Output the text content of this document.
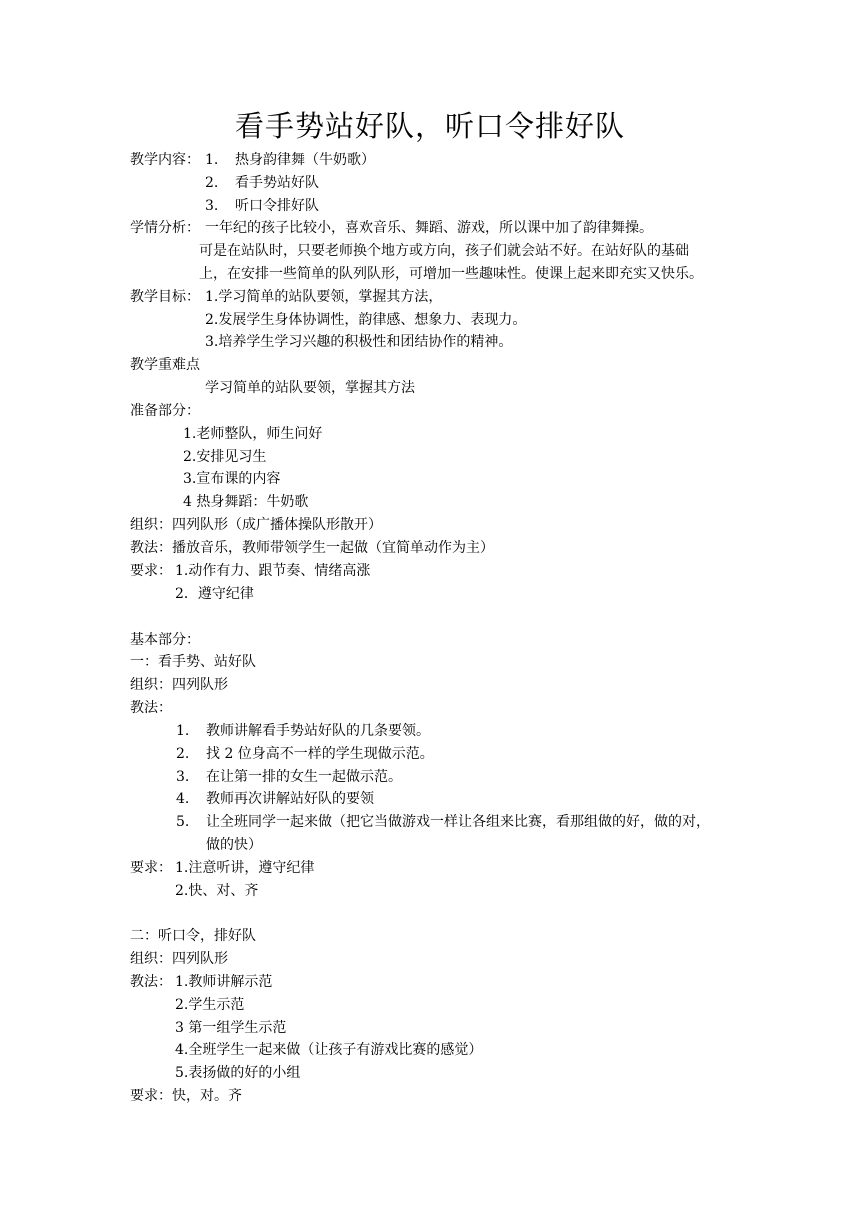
看手势站好队，听口令排好队
教学内容： 1. 热身韵律舞（牛奶歌）
2. 看手势站好队
3. 听口令排好队
学情分析： 一年纪的孩子比较小，喜欢音乐、舞蹈、游戏，所以课中加了韵律舞操。
可是在站队时，只要老师换个地方或方向，孩子们就会站不好。在站好队的基础
上，在安排一些简单的队列队形，可增加一些趣味性。使课上起来即充实又快乐。
教学目标： 1.学习简单的站队要领，掌握其方法，
2.发展学生身体协调性，韵律感、想象力、表现力。
3.培养学生学习兴趣的积极性和团结协作的精神。
教学重难点
学习简单的站队要领，掌握其方法
准备部分：
1.老师整队，师生问好
2.安排见习生
3.宣布课的内容
4 热身舞蹈：牛奶歌
组织：四列队形（成广播体操队形散开）
教法：播放音乐，教师带领学生一起做（宜简单动作为主）
要求： 1.动作有力、跟节奏、情绪高涨
2．遵守纪律
基本部分：
一：看手势、站好队
组织：四列队形
教法：
1. 教师讲解看手势站好队的几条要领。
2. 找 2 位身高不一样的学生现做示范。
3. 在让第一排的女生一起做示范。
4. 教师再次讲解站好队的要领
5. 让全班同学一起来做（把它当做游戏一样让各组来比赛，看那组做的好，做的对，
做的快）
要求： 1.注意听讲，遵守纪律
2.快、对、齐
二：听口令，排好队
组织：四列队形
教法： 1.教师讲解示范
2.学生示范
3 第一组学生示范
4.全班学生一起来做（让孩子有游戏比赛的感觉）
5.表扬做的好的小组
要求：快，对。齐
